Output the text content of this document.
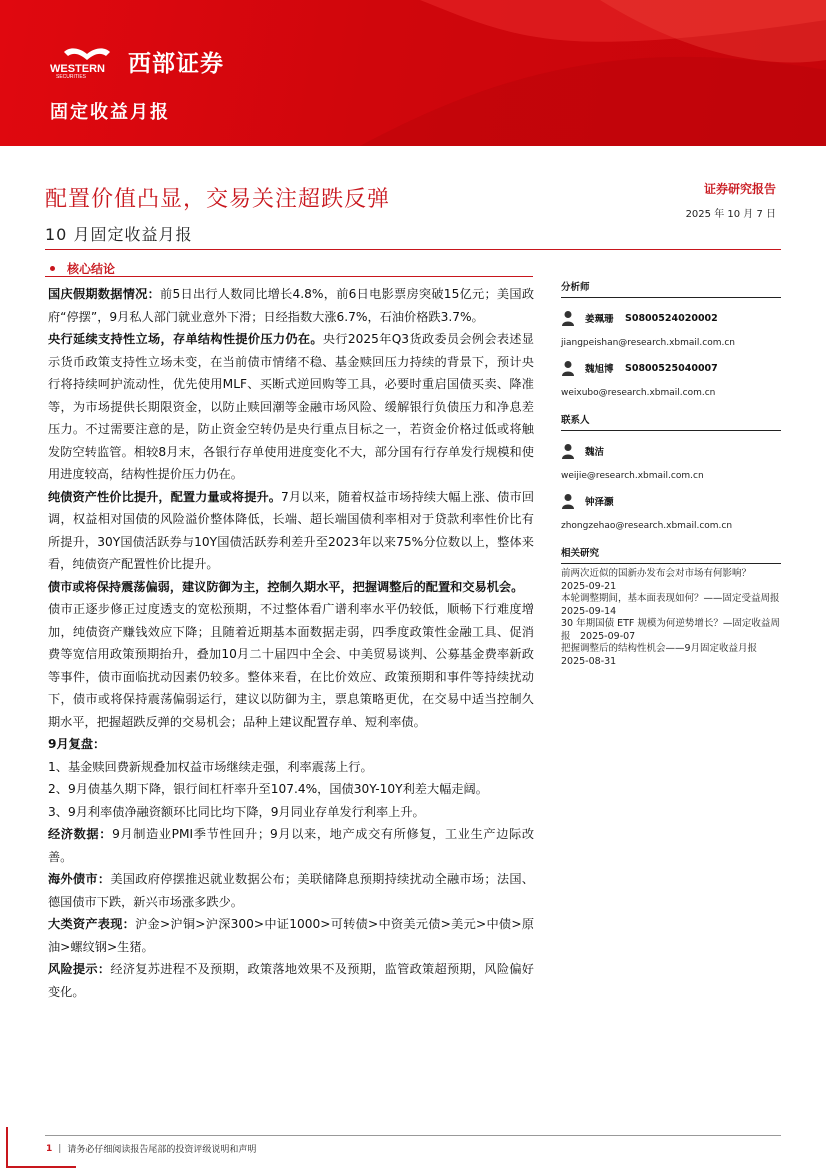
WESTERN
SECURITIES
西部证券
固定收益月报
配置价值凸显，交易关注超跌反弹
10 月固定收益月报
证券研究报告
2025 年 10 月 7 日
核心结论

国庆假期数据情况：前5日出行人数同比增长4.8%，前6日电影票房突破15亿元；美国政府“停摆”，9月私人部门就业意外下滑；日经指数大涨6.7%，石油价格跌3.7%。

央行延续支持性立场，存单结构性提价压力仍在。央行2025年Q3货政委员会例会表述显示货币政策支持性立场未变，在当前债市情绪不稳、基金赎回压力持续的背景下，预计央行将持续呵护流动性，优先使用MLF、买断式逆回购等工具，必要时重启国债买卖、降准等，为市场提供长期限资金，以防止赎回潮等金融市场风险、缓解银行负债压力和净息差压力。不过需要注意的是，防止资金空转仍是央行重点目标之一，若资金价格过低或将触发防空转监管。相较8月末，各银行存单使用进度变化不大，部分国有行存单发行规模和使用进度较高，结构性提价压力仍在。

纯债资产性价比提升，配置力量或将提升。7月以来，随着权益市场持续大幅上涨、债市回调，权益相对国债的风险溢价整体降低，长端、超长端国债利率相对于贷款利率性价比有所提升，30Y国债活跃券与10Y国债活跃券利差升至2023年以来75%分位数以上，整体来看，纯债资产配置性价比提升。

债市或将保持震荡偏弱，建议防御为主，控制久期水平，把握调整后的配置和交易机会。

债市正逐步修正过度透支的宽松预期，不过整体看广谱利率水平仍较低，顺畅下行难度增加，纯债资产赚钱效应下降；且随着近期基本面数据走弱，四季度政策性金融工具、促消费等宽信用政策预期抬升，叠加10月二十届四中全会、中美贸易谈判、公募基金费率新政等事件，债市面临扰动因素仍较多。整体来看，在比价效应、政策预期和事件等持续扰动下，债市或将保持震荡偏弱运行，建议以防御为主，票息策略更优，在交易中适当控制久期水平，把握超跌反弹的交易机会；品种上建议配置存单、短利率债。

9月复盘：

1、基金赎回费新规叠加权益市场继续走强，利率震荡上行。

2、9月债基久期下降，银行间杠杆率升至107.4%，国债30Y-10Y利差大幅走阔。

3、9月利率债净融资额环比同比均下降，9月同业存单发行利率上升。

经济数据：9月制造业PMI季节性回升；9月以来，地产成交有所修复，工业生产边际改善。

海外债市：美国政府停摆推迟就业数据公布；美联储降息预期持续扰动全融市场；法国、德国债市下跌，新兴市场涨多跌少。

大类资产表现：沪金>沪铜>沪深300>中证1000>可转债>中资美元债>美元>中债>原油>螺纹钢>生猪。

风险提示：经济复苏进程不及预期，政策落地效果不及预期，监管政策超预期，风险偏好变化。

分析师
姜珮珊	S0800524020002
jiangpeishan@research.xbmail.com.cn
魏旭博	S0800525040007
weixubo@research.xbmail.com.cn
联系人
魏洁
weijie@research.xbmail.com.cn
钟泽灏
zhongzehao@research.xbmail.com.cn
相关研究
前两次近似的国新办发布会对市场有何影响？　2025-09-21
本轮调整期间，基本面表现如何？——固定受益周报　2025-09-14
30 年期国债 ETF 规模为何逆势增长？—固定收益周报　2025-09-07
把握调整后的结构性机会——9月固定收益月报　2025-08-31
1 | 请务必仔细阅读报告尾部的投资评级说明和声明
